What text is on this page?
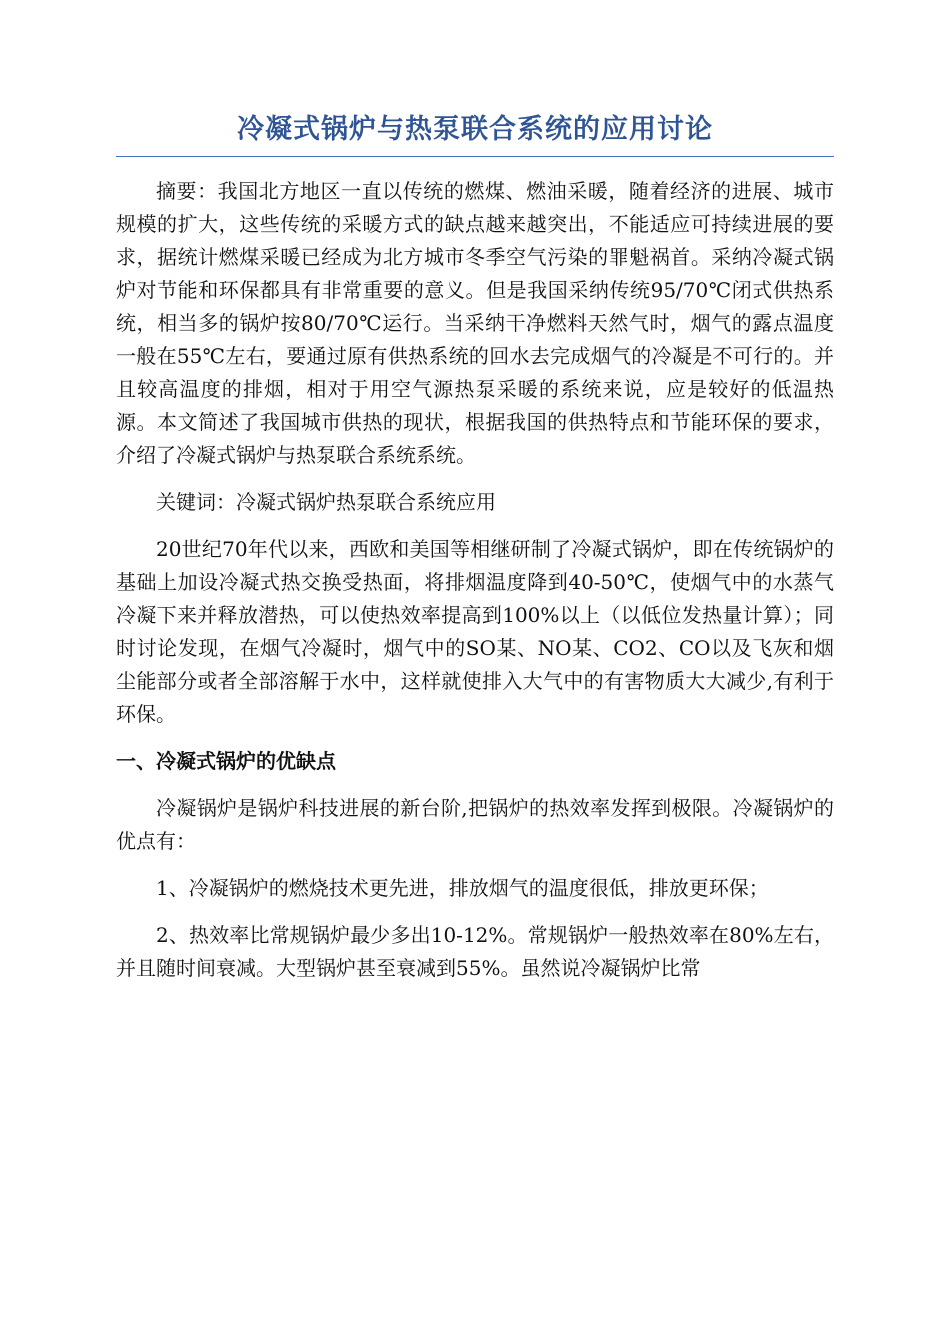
冷凝式锅炉与热泵联合系统的应用讨论

摘要：我国北方地区一直以传统的燃煤、燃油采暖，随着经济的进展、城市规模的扩大，这些传统的采暖方式的缺点越来越突出，不能适应可持续进展的要求，据统计燃煤采暖已经成为北方城市冬季空气污染的罪魁祸首。采纳冷凝式锅炉对节能和环保都具有非常重要的意义。但是我国采纳传统95/70℃闭式供热系统，相当多的锅炉按80/70℃运行。当采纳干净燃料天然气时，烟气的露点温度一般在55℃左右，要通过原有供热系统的回水去完成烟气的冷凝是不可行的。并且较高温度的排烟，相对于用空气源热泵采暖的系统来说，应是较好的低温热源。本文简述了我国城市供热的现状，根据我国的供热特点和节能环保的要求，介绍了冷凝式锅炉与热泵联合系统系统。

关键词：冷凝式锅炉热泵联合系统应用

20世纪70年代以来，西欧和美国等相继研制了冷凝式锅炉，即在传统锅炉的基础上加设冷凝式热交换受热面，将排烟温度降到40-50℃，使烟气中的水蒸气冷凝下来并释放潜热，可以使热效率提高到100%以上（以低位发热量计算）；同时讨论发现，在烟气冷凝时，烟气中的SO某、NO某、CO2、CO以及飞灰和烟尘能部分或者全部溶解于水中，这样就使排入大气中的有害物质大大减少,有利于环保。

一、冷凝式锅炉的优缺点

冷凝锅炉是锅炉科技进展的新台阶,把锅炉的热效率发挥到极限。冷凝锅炉的优点有：

1、冷凝锅炉的燃烧技术更先进，排放烟气的温度很低，排放更环保；

2、热效率比常规锅炉最少多出10-12%。常规锅炉一般热效率在80%左右，并且随时间衰减。大型锅炉甚至衰减到55%。虽然说冷凝锅炉比常
